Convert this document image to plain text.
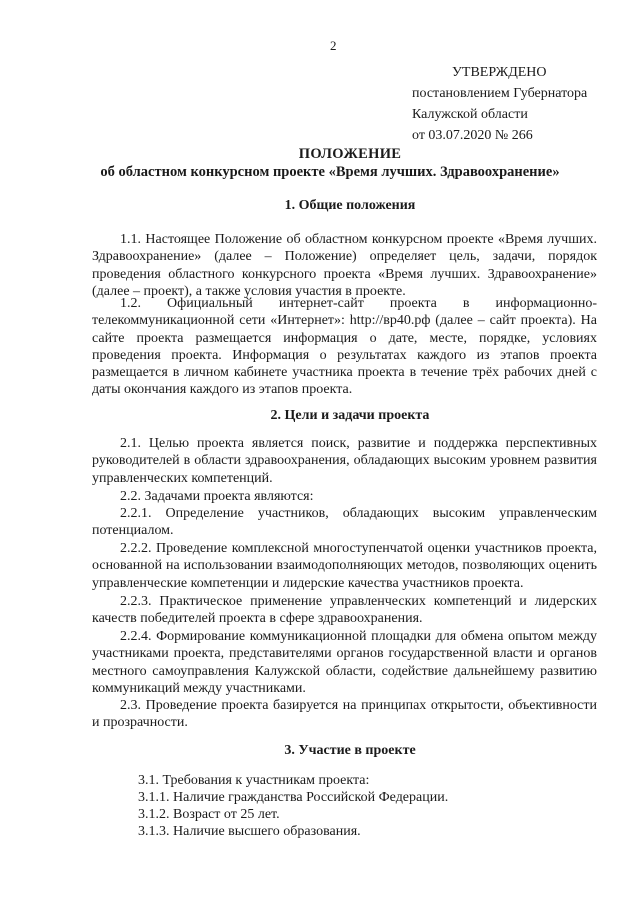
2
УТВЕРЖДЕНО
постановлением Губернатора
Калужской области
от 03.07.2020 № 266
ПОЛОЖЕНИЕ
об областном конкурсном проекте «Время лучших. Здравоохранение»
1. Общие положения
1.1. Настоящее Положение об областном конкурсном проекте «Время лучших. Здравоохранение» (далее – Положение) определяет цель, задачи, порядок проведения областного конкурсного проекта «Время лучших. Здравоохранение» (далее – проект), а также условия участия в проекте.
1.2. Официальный интернет-сайт проекта в информационно-телекоммуникационной сети «Интернет»: http://вр40.рф (далее – сайт проекта). На сайте проекта размещается информация о дате, месте, порядке, условиях проведения проекта. Информация о результатах каждого из этапов проекта размещается в личном кабинете участника проекта в течение трёх рабочих дней с даты окончания каждого из этапов проекта.
2. Цели и задачи проекта
2.1. Целью проекта является поиск, развитие и поддержка перспективных руководителей в области здравоохранения, обладающих высоким уровнем развития управленческих компетенций.
2.2. Задачами проекта являются:
2.2.1. Определение участников, обладающих высоким управленческим потенциалом.
2.2.2. Проведение комплексной многоступенчатой оценки участников проекта, основанной на использовании взаимодополняющих методов, позволяющих оценить управленческие компетенции и лидерские качества участников проекта.
2.2.3. Практическое применение управленческих компетенций и лидерских качеств победителей проекта в сфере здравоохранения.
2.2.4. Формирование коммуникационной площадки для обмена опытом между участниками проекта, представителями органов государственной власти и органов местного самоуправления Калужской области, содействие дальнейшему развитию коммуникаций между участниками.
2.3. Проведение проекта базируется на принципах открытости, объективности и прозрачности.
3. Участие в проекте
3.1. Требования к участникам проекта:
3.1.1. Наличие гражданства Российской Федерации.
3.1.2. Возраст от 25 лет.
3.1.3. Наличие высшего образования.
